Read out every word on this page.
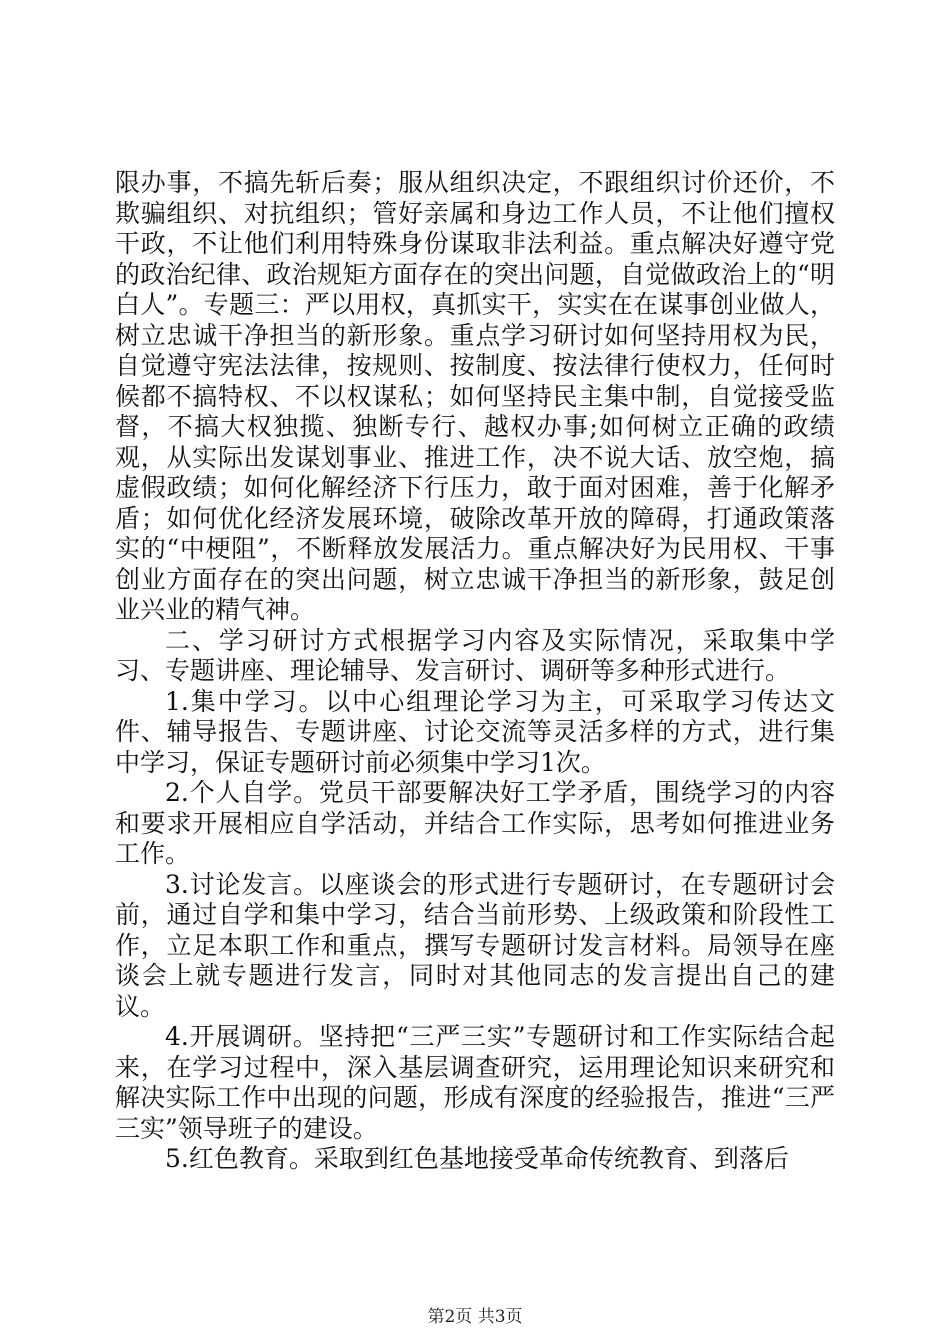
限办事，不搞先斩后奏；服从组织决定，不跟组织讨价还价，不欺骗组织、对抗组织；管好亲属和身边工作人员，不让他们擅权干政，不让他们利用特殊身份谋取非法利益。重点解决好遵守党的政治纪律、政治规矩方面存在的突出问题，自觉做政治上的“明白人”。专题三：严以用权，真抓实干，实实在在谋事创业做人，树立忠诚干净担当的新形象。重点学习研讨如何坚持用权为民，自觉遵守宪法法律，按规则、按制度、按法律行使权力，任何时候都不搞特权、不以权谋私；如何坚持民主集中制，自觉接受监督，不搞大权独揽、独断专行、越权办事;如何树立正确的政绩观，从实际出发谋划事业、推进工作，决不说大话、放空炮，搞虚假政绩；如何化解经济下行压力，敢于面对困难，善于化解矛盾；如何优化经济发展环境，破除改革开放的障碍，打通政策落实的“中梗阻”，不断释放发展活力。重点解决好为民用权、干事创业方面存在的突出问题，树立忠诚干净担当的新形象，鼓足创业兴业的精气神。

二、学习研讨方式根据学习内容及实际情况，采取集中学习、专题讲座、理论辅导、发言研讨、调研等多种形式进行。

1.集中学习。以中心组理论学习为主，可采取学习传达文件、辅导报告、专题讲座、讨论交流等灵活多样的方式，进行集中学习，保证专题研讨前必须集中学习1次。

2.个人自学。党员干部要解决好工学矛盾，围绕学习的内容和要求开展相应自学活动，并结合工作实际，思考如何推进业务工作。

3.讨论发言。以座谈会的形式进行专题研讨，在专题研讨会前，通过自学和集中学习，结合当前形势、上级政策和阶段性工作，立足本职工作和重点，撰写专题研讨发言材料。局领导在座谈会上就专题进行发言，同时对其他同志的发言提出自己的建议。

4.开展调研。坚持把“三严三实”专题研讨和工作实际结合起来，在学习过程中，深入基层调查研究，运用理论知识来研究和解决实际工作中出现的问题，形成有深度的经验报告，推进“三严三实”领导班子的建设。

5.红色教育。采取到红色基地接受革命传统教育、到落后

第2页 共3页
